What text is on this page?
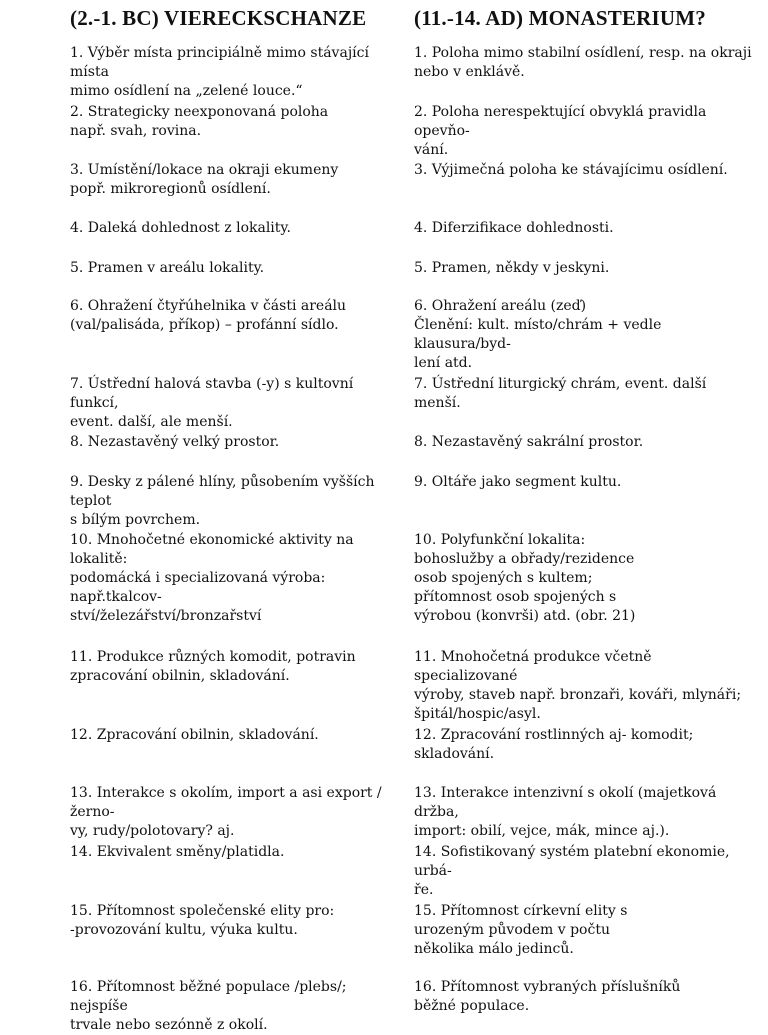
(2.-1. BC) VIERECKSCHANZE (11.-14. AD) MONASTERIUM?
1. Výběr místa principiálně mimo stávající místa
mimo osídlení na „zelené louce.“
1. Poloha mimo stabilní osídlení, resp. na okraji
nebo v enklávě.
2. Strategicky neexponovaná poloha
např. svah, rovina.
2. Poloha nerespektující obvyklá pravidla opevňo-
vání.
3. Umístění/lokace na okraji ekumeny
popř. mikroregionů osídlení.
3. Výjimečná poloha ke stávajícimu osídlení.
4. Daleká dohlednost z lokality.	4. Diferzifikace dohlednosti.
5. Pramen v areálu lokality.	5. Pramen, někdy v jeskyni.
6. Ohražení čtyřúhelnika v části areálu
(val/palisáda, příkop) – profánní sídlo.
6. Ohražení areálu (zeď)
Členění: kult. místo/chrám + vedle klausura/byd-
lení atd.
7. Ústřední halová stavba (-y) s kultovní funkcí,
event. další, ale menší.
7. Ústřední liturgický chrám, event. další menší.
8. Nezastavěný velký prostor.	8. Nezastavěný sakrální prostor.
9. Desky z pálené hlíny, působením vyšších teplot
s bílým povrchem.
9. Oltáře jako segment kultu.
10. Mnohočetné ekonomické aktivity na lokalitě:
podomácká i specializovaná výroba: např.tkalcov-
ství/železářství/bronzařství
10. Polyfunkční lokalita:
bohoslužby a obřady/rezidence
osob spojených s kultem;
přítomnost osob spojených s
výrobou (konvrši) atd. (obr. 21)
11. Produkce různých komodit, potravin
zpracování obilnin, skladování.
11. Mnohočetná produkce včetně specializované
výroby, staveb např. bronzaři, kováři, mlynáři;
špitál/hospic/asyl.
12. Zpracování obilnin, skladování.	12. Zpracování rostlinných aj- komodit;
skladování.
13. Interakce s okolím, import a asi export /žerno-
vy, rudy/polotovary? aj.
13. Interakce intenzivní s okolí (majetková držba,
import: obilí, vejce, mák, mince aj.).
14. Ekvivalent směny/platidla.	14. Sofistikovaný systém platební ekonomie, urbá-
ře.
15. Přítomnost společenské elity pro:
-provozování kultu, výuka kultu.
15. Přítomnost církevní elity s
urozeným původem v počtu
několika málo jedinců.
16. Přítomnost běžné populace /plebs/; nejspíše
trvale nebo sezónně z okolí.
16. Přítomnost vybraných příslušníků
běžné populace.
